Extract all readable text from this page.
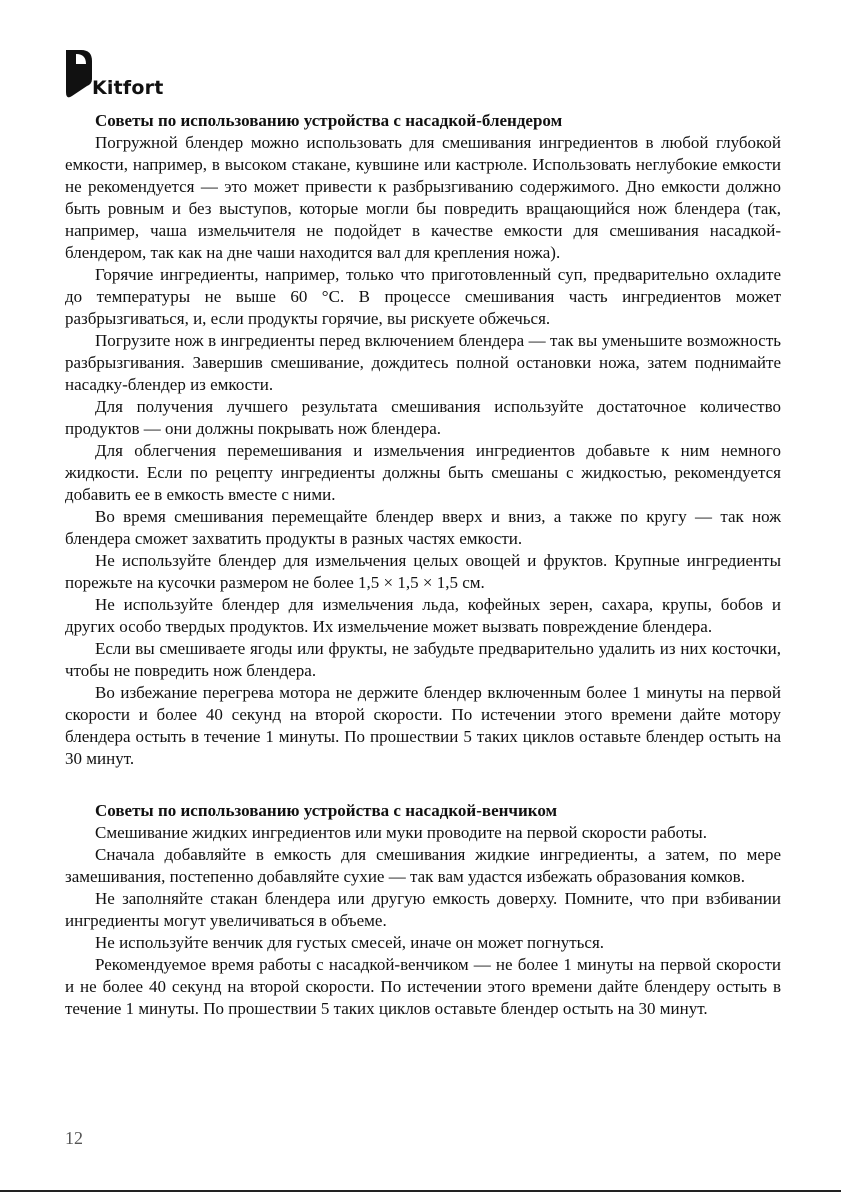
Kitfort

Советы по использованию устройства с насадкой-блендером

Погружной блендер можно использовать для смешивания ингредиентов в любой глубокой емкости, например, в высоком стакане, кувшине или кастрюле. Использовать неглубокие емкости не рекомендуется — это может привести к разбрызгиванию содержимого. Дно емкости должно быть ровным и без выступов, которые могли бы повредить вращающийся нож блендера (так, например, чаша измельчителя не подойдет в качестве емкости для смешивания насадкой-блендером, так как на дне чаши находится вал для крепления ножа).

Горячие ингредиенты, например, только что приготовленный суп, предварительно охладите до температуры не выше 60 °С. В процессе смешивания часть ингредиентов может разбрызгиваться, и, если продукты горячие, вы рискуете обжечься.

Погрузите нож в ингредиенты перед включением блендера — так вы уменьшите возможность разбрызгивания. Завершив смешивание, дождитесь полной остановки ножа, затем поднимайте насадку-блендер из емкости.

Для получения лучшего результата смешивания используйте достаточное количество продуктов — они должны покрывать нож блендера.

Для облегчения перемешивания и измельчения ингредиентов добавьте к ним немного жидкости. Если по рецепту ингредиенты должны быть смешаны с жидкостью, рекомендуется добавить ее в емкость вместе с ними.

Во время смешивания перемещайте блендер вверх и вниз, а также по кругу — так нож блендера сможет захватить продукты в разных частях емкости.

Не используйте блендер для измельчения целых овощей и фруктов. Крупные ингредиенты порежьте на кусочки размером не более 1,5 × 1,5 × 1,5 см.

Не используйте блендер для измельчения льда, кофейных зерен, сахара, крупы, бобов и других особо твердых продуктов. Их измельчение может вызвать повреждение блендера.

Если вы смешиваете ягоды или фрукты, не забудьте предварительно удалить из них косточки, чтобы не повредить нож блендера.

Во избежание перегрева мотора не держите блендер включенным более 1 минуты на первой скорости и более 40 секунд на второй скорости. По истечении этого времени дайте мотору блендера остыть в течение 1 минуты. По прошествии 5 таких циклов оставьте блендер остыть на 30 минут.

Советы по использованию устройства с насадкой-венчиком

Смешивание жидких ингредиентов или муки проводите на первой скорости работы.

Сначала добавляйте в емкость для смешивания жидкие ингредиенты, а затем, по мере замешивания, постепенно добавляйте сухие — так вам удастся избежать образования комков.

Не заполняйте стакан блендера или другую емкость доверху. Помните, что при взбивании ингредиенты могут увеличиваться в объеме.

Не используйте венчик для густых смесей, иначе он может погнуться.

Рекомендуемое время работы с насадкой-венчиком — не более 1 минуты на первой скорости и не более 40 секунд на второй скорости. По истечении этого времени дайте блендеру остыть в течение 1 минуты. По прошествии 5 таких циклов оставьте блендер остыть на 30 минут.

12
